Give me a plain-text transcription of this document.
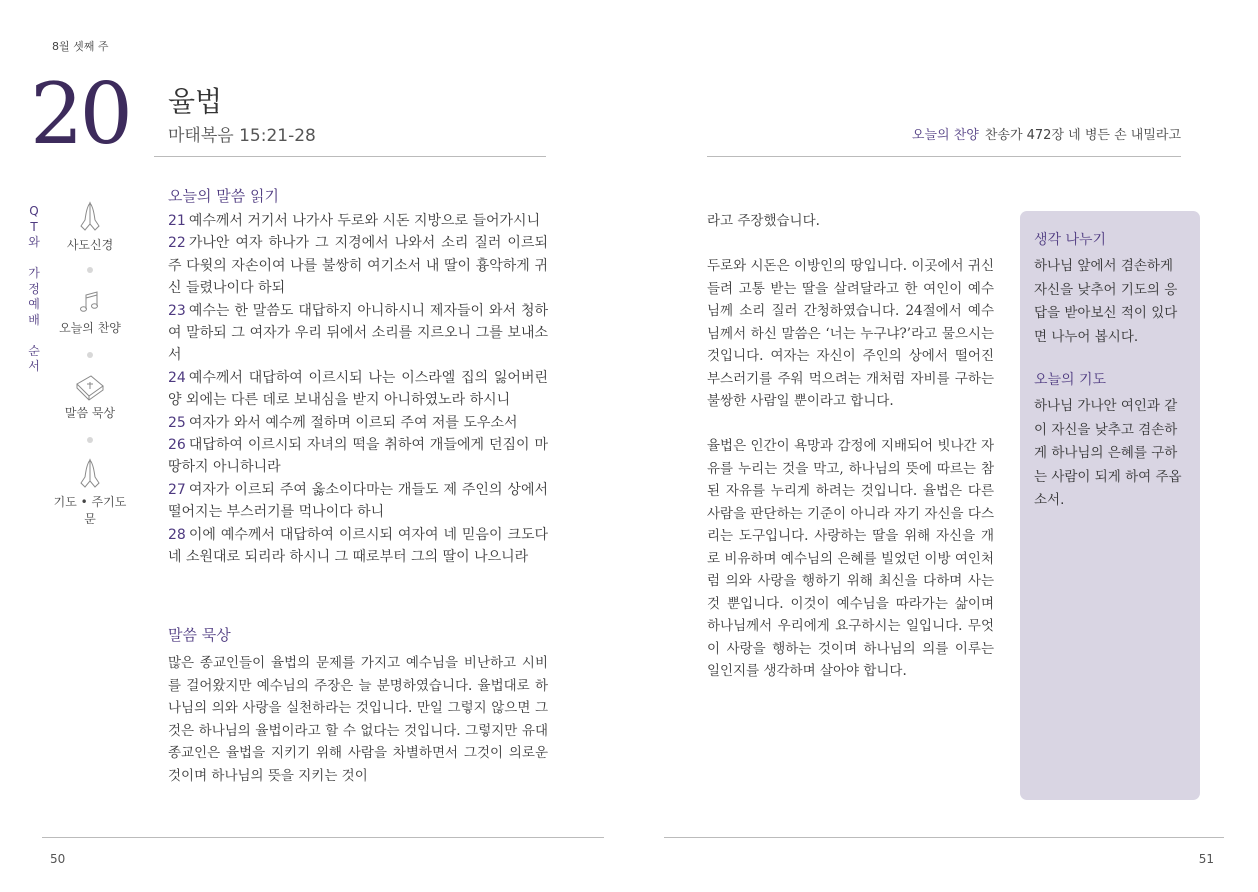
8월 셋째 주
20 율법
마태복음 15:21-28	오늘의 찬양 찬송가 472장 네 병든 손 내밀라고
Q
T
와

가
정
예
배

순
서
사도신경
오늘의 찬양
말씀 묵상
기도 • 주기도문
오늘의 말씀 읽기
21 예수께서 거기서 나가사 두로와 시돈 지방으로 들어가시니
22 가나안 여자 하나가 그 지경에서 나와서 소리 질러 이르되 주 다윗의 자손이여 나를 불쌍히 여기소서 내 딸이 흉악하게 귀신 들렸나이다 하되
23 예수는 한 말씀도 대답하지 아니하시니 제자들이 와서 청하여 말하되 그 여자가 우리 뒤에서 소리를 지르오니 그를 보내소서
24 예수께서 대답하여 이르시되 나는 이스라엘 집의 잃어버린 양 외에는 다른 데로 보내심을 받지 아니하였노라 하시니
25 여자가 와서 예수께 절하며 이르되 주여 저를 도우소서
26 대답하여 이르시되 자녀의 떡을 취하여 개들에게 던짐이 마땅하지 아니하니라
27 여자가 이르되 주여 옳소이다마는 개들도 제 주인의 상에서 떨어지는 부스러기를 먹나이다 하니
28 이에 예수께서 대답하여 이르시되 여자여 네 믿음이 크도다 네 소원대로 되리라 하시니 그 때로부터 그의 딸이 나으니라
말씀 묵상
많은 종교인들이 율법의 문제를 가지고 예수님을 비난하고 시비를 걸어왔지만 예수님의 주장은 늘 분명하였습니다. 율법대로 하나님의 의와 사랑을 실천하라는 것입니다. 만일 그렇지 않으면 그것은 하나님의 율법이라고 할 수 없다는 것입니다. 그렇지만 유대 종교인은 율법을 지키기 위해 사람을 차별하면서 그것이 의로운 것이며 하나님의 뜻을 지키는 것이

라고 주장했습니다.

두로와 시돈은 이방인의 땅입니다. 이곳에서 귀신들려 고통 받는 딸을 살려달라고 한 여인이 예수님께 소리 질러 간청하였습니다. 24절에서 예수님께서 하신 말씀은 ‘너는 누구냐?’라고 물으시는 것입니다. 여자는 자신이 주인의 상에서 떨어진 부스러기를 주워 먹으려는 개처럼 자비를 구하는 불쌍한 사람일 뿐이라고 합니다.

율법은 인간이 욕망과 감정에 지배되어 빗나간 자유를 누리는 것을 막고, 하나님의 뜻에 따르는 참된 자유를 누리게 하려는 것입니다. 율법은 다른 사람을 판단하는 기준이 아니라 자기 자신을 다스리는 도구입니다. 사랑하는 딸을 위해 자신을 개로 비유하며 예수님의 은혜를 빌었던 이방 여인처럼 의와 사랑을 행하기 위해 최신을 다하며 사는 것 뿐입니다. 이것이 예수님을 따라가는 삶이며 하나님께서 우리에게 요구하시는 일입니다. 무엇이 사랑을 행하는 것이며 하나님의 의를 이루는 일인지를 생각하며 살아야 합니다.

생각 나누기
하나님 앞에서 겸손하게 자신을 낮추어 기도의 응답을 받아보신 적이 있다면 나누어 봅시다.
오늘의 기도
하나님 가나안 여인과 같이 자신을 낮추고 겸손하게 하나님의 은혜를 구하는 사람이 되게 하여 주옵소서.
50	51
